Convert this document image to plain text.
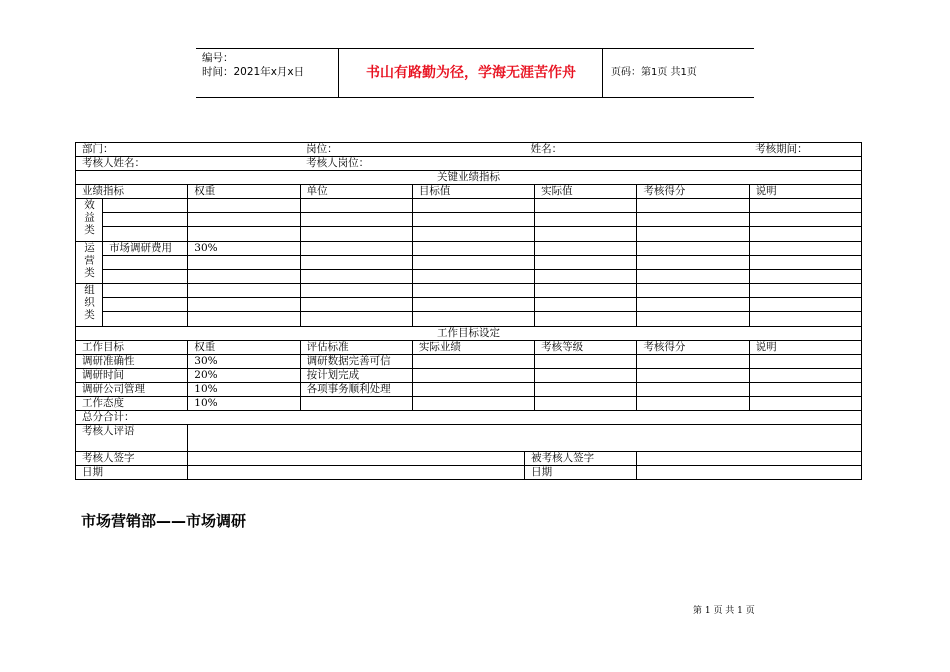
编号：
时间：2021年x月x日	书山有路勤为径，学海无涯苦作舟	页码：第1页 共1页
部门：			岗位：		姓名：			考核期间：
考核人姓名：			考核人岗位：					
关键业绩指标								
业绩指标		权重	单位	目标值		实际值	考核得分	说明
效益类								

运营类	市场调研费用	30%						

组织类								

工作目标设定								
工作目标		权重	评估标准	实际业绩		考核等级	考核得分	说明
调研准确性		30%	调研数据完善可信					
调研时间		20%	按计划完成					
调研公司管理		10%	各项事务顺利处理					
工作态度		10%						
总分合计：								
考核人评语								
考核人签字					被考核人签字			
日期					日期			
市场营销部——市场调研
第 1 页 共 1 页
